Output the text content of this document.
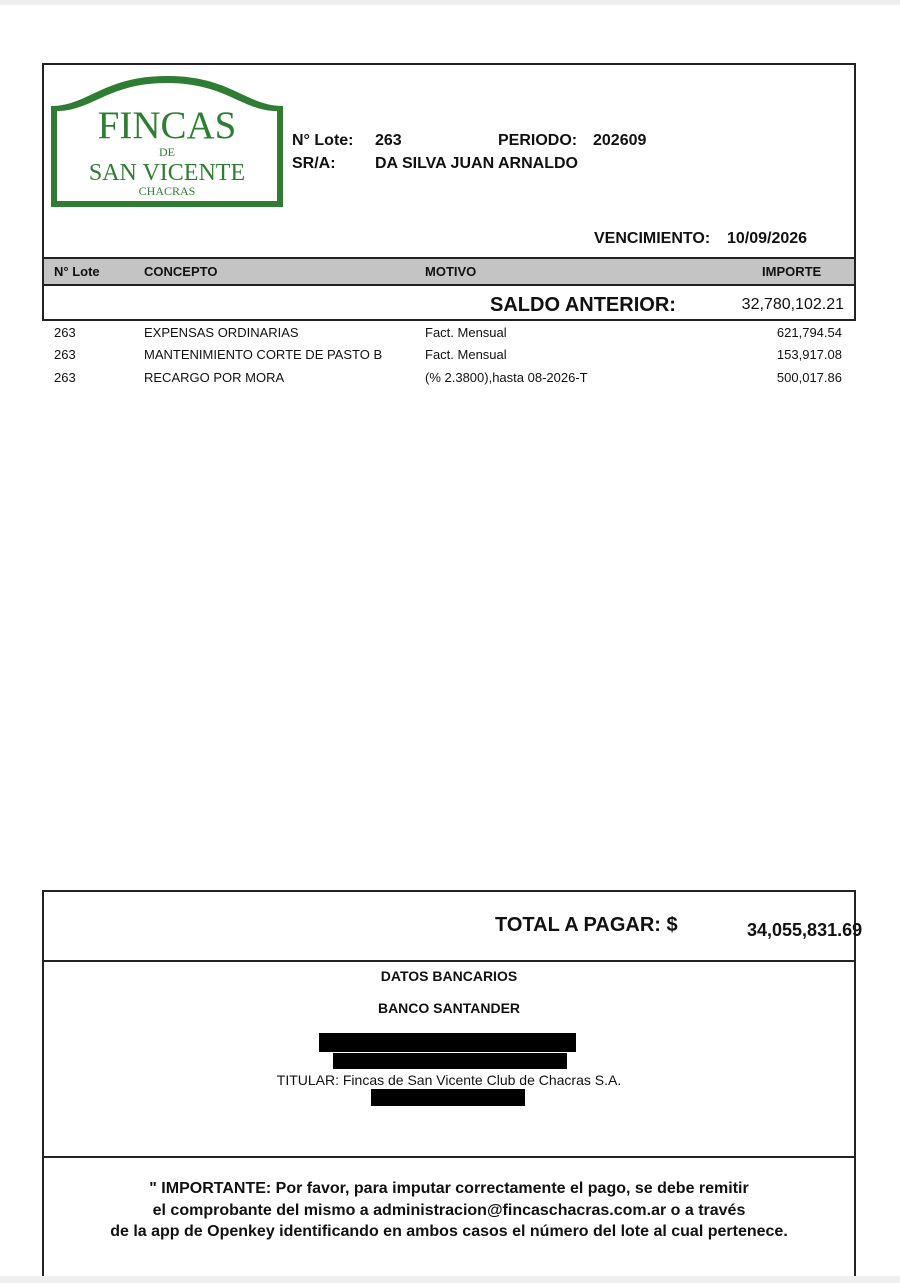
FINCAS
DE
SAN VICENTE
CHACRAS
N° Lote: 263	PERIODO: 202609
SR/A: DA SILVA JUAN ARNALDO
VENCIMIENTO: 10/09/2026
N° Lote	CONCEPTO	MOTIVO	IMPORTE
SALDO ANTERIOR:	32,780,102.21
263	EXPENSAS ORDINARIAS	Fact. Mensual	621,794.54
263	MANTENIMIENTO CORTE DE PASTO B	Fact. Mensual	153,917.08
263	RECARGO POR MORA	(% 2.3800),hasta 08-2026-T	500,017.86
TOTAL A PAGAR: $	34,055,831.69
DATOS BANCARIOS
BANCO SANTANDER
TITULAR: Fincas de San Vicente Club de Chacras S.A.
" IMPORTANTE: Por favor, para imputar correctamente el pago, se debe remitir
el comprobante del mismo a administracion@fincaschacras.com.ar o a través
de la app de Openkey identificando en ambos casos el número del lote al cual pertenece.
